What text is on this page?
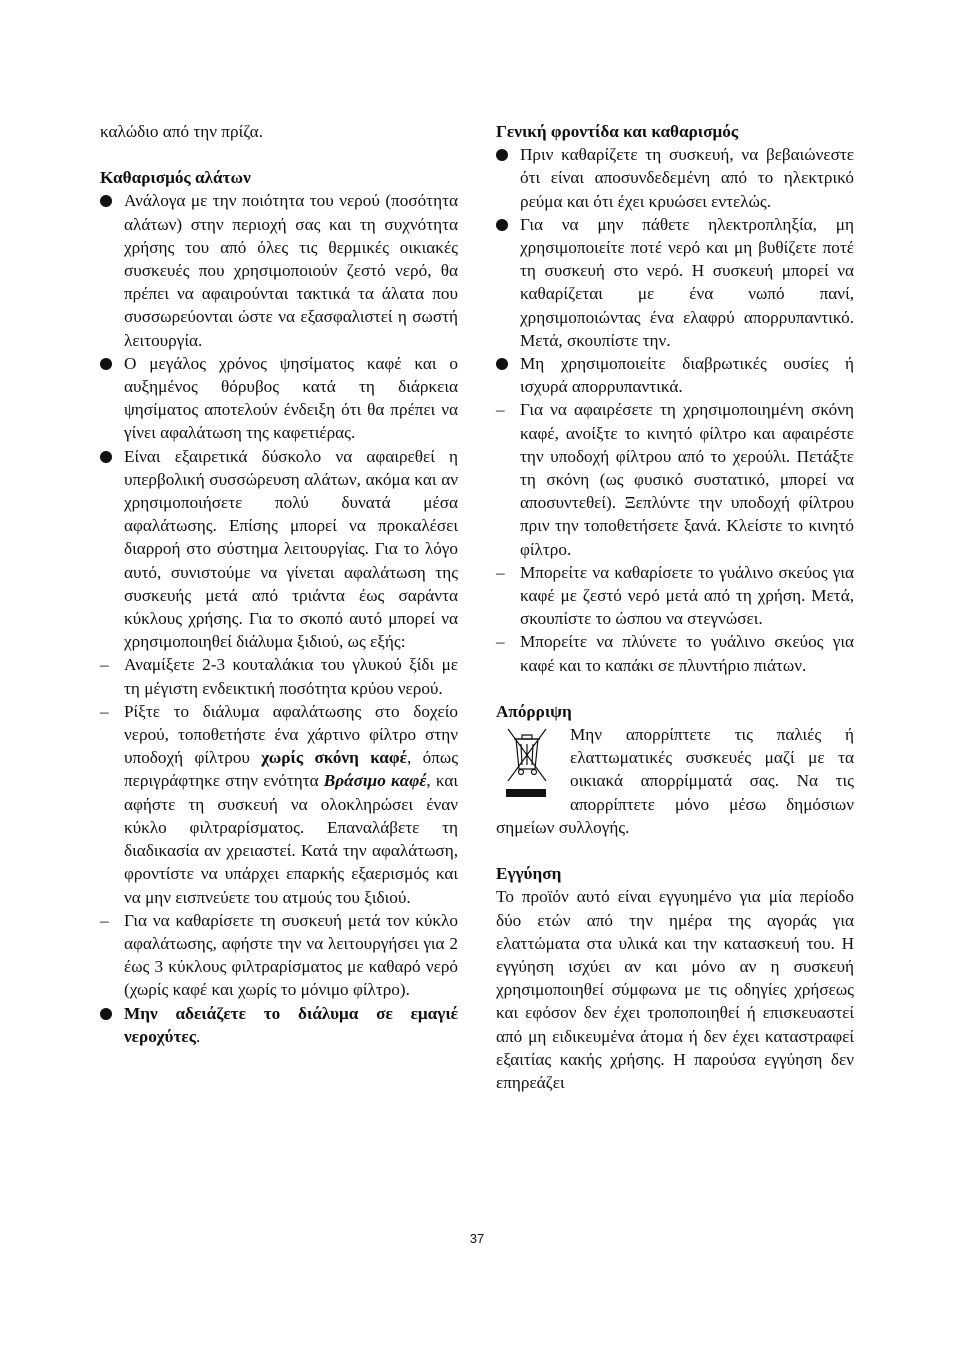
καλώδιο από την πρίζα.

Καθαρισμός αλάτων
Ανάλογα με την ποιότητα του νερού (ποσότητα αλάτων) στην περιοχή σας και τη συχνότητα χρήσης του από όλες τις θερμικές οικιακές συσκευές που χρησιμοποιούν ζεστό νερό, θα πρέπει να αφαιρούνται τακτικά τα άλατα που συσσωρεύονται ώστε να εξασφαλιστεί η σωστή λειτουργία.
Ο μεγάλος χρόνος ψησίματος καφέ και ο αυξημένος θόρυβος κατά τη διάρκεια ψησίματος αποτελούν ένδειξη ότι θα πρέπει να γίνει αφαλάτωση της καφετιέρας.
Είναι εξαιρετικά δύσκολο να αφαιρεθεί η υπερβολική συσσώρευση αλάτων, ακόμα και αν χρησιμοποιήσετε πολύ δυνατά μέσα αφαλάτωσης. Επίσης μπορεί να προκαλέσει διαρροή στο σύστημα λειτουργίας. Για το λόγο αυτό, συνιστούμε να γίνεται αφαλάτωση της συσκευής μετά από τριάντα έως σαράντα κύκλους χρήσης. Για το σκοπό αυτό μπορεί να χρησιμοποιηθεί διάλυμα ξιδιού, ως εξής:
– Αναμίξετε 2-3 κουταλάκια του γλυκού ξίδι με τη μέγιστη ενδεικτική ποσότητα κρύου νερού.
– Ρίξτε το διάλυμα αφαλάτωσης στο δοχείο νερού, τοποθετήστε ένα χάρτινο φίλτρο στην υποδοχή φίλτρου χωρίς σκόνη καφέ, όπως περιγράφτηκε στην ενότητα Βράσιμο καφέ, και αφήστε τη συσκευή να ολοκληρώσει έναν κύκλο φιλτραρίσματος. Επαναλάβετε τη διαδικασία αν χρειαστεί. Κατά την αφαλάτωση, φροντίστε να υπάρχει επαρκής εξαερισμός και να μην εισπνεύετε του ατμούς του ξιδιού.
– Για να καθαρίσετε τη συσκευή μετά τον κύκλο αφαλάτωσης, αφήστε την να λειτουργήσει για 2 έως 3 κύκλους φιλτραρίσματος με καθαρό νερό (χωρίς καφέ και χωρίς το μόνιμο φίλτρο).
Μην αδειάζετε το διάλυμα σε εμαγιέ νεροχύτες.
Γενική φροντίδα και καθαρισμός
Πριν καθαρίζετε τη συσκευή, να βεβαιώνεστε ότι είναι αποσυνδεδεμένη από το ηλεκτρικό ρεύμα και ότι έχει κρυώσει εντελώς.
Για να μην πάθετε ηλεκτροπληξία, μη χρησιμοποιείτε ποτέ νερό και μη βυθίζετε ποτέ τη συσκευή στο νερό. Η συσκευή μπορεί να καθαρίζεται με ένα νωπό πανί, χρησιμοποιώντας ένα ελαφρύ απορρυπαντικό. Μετά, σκουπίστε την.
Μη χρησιμοποιείτε διαβρωτικές ουσίες ή ισχυρά απορρυπαντικά.
– Για να αφαιρέσετε τη χρησιμοποιημένη σκόνη καφέ, ανοίξτε το κινητό φίλτρο και αφαιρέστε την υποδοχή φίλτρου από το χερούλι. Πετάξτε τη σκόνη (ως φυσικό συστατικό, μπορεί να αποσυντεθεί). Ξεπλύντε την υποδοχή φίλτρου πριν την τοποθετήσετε ξανά. Κλείστε το κινητό φίλτρο.
– Μπορείτε να καθαρίσετε το γυάλινο σκεύος για καφέ με ζεστό νερό μετά από τη χρήση. Μετά, σκουπίστε το ώσπου να στεγνώσει.
– Μπορείτε να πλύνετε το γυάλινο σκεύος για καφέ και το καπάκι σε πλυντήριο πιάτων.
Απόρριψη

Μην απορρίπτετε τις παλιές ή ελαττωματικές συσκευές μαζί με τα οικιακά απορρίμματά σας. Να τις απορρίπτετε μόνο μέσω δημόσιων σημείων συλλογής.

Εγγύηση

Το προϊόν αυτό είναι εγγυημένο για μία περίοδο δύο ετών από την ημέρα της αγοράς για ελαττώματα στα υλικά και την κατασκευή του. Η εγγύηση ισχύει αν και μόνο αν η συσκευή χρησιμοποιηθεί σύμφωνα με τις οδηγίες χρήσεως και εφόσον δεν έχει τροποποιηθεί ή επισκευαστεί από μη ειδικευμένα άτομα ή δεν έχει καταστραφεί εξαιτίας κακής χρήσης. Η παρούσα εγγύηση δεν επηρεάζει

37
